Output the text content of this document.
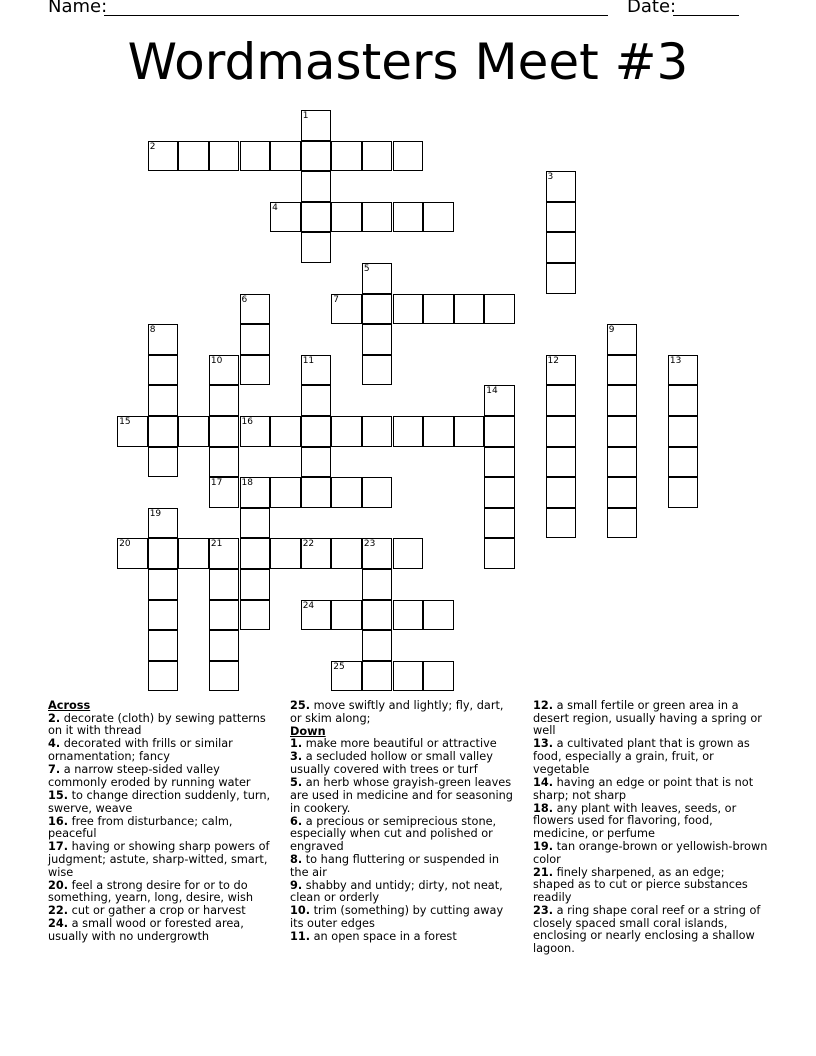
Name:	Date:
Wordmasters Meet #3
1
2
3
4
5
6	7
8	9
10
17
11	12	13
14
15	16
18
19
20	21	22	23
24
25
Across
2. decorate (cloth) by sewing patterns on it with thread
4. decorated with frills or similar ornamentation; fancy
7. a narrow steep-sided valley commonly eroded by running water
15. to change direction suddenly, turn, swerve, weave
16. free from disturbance; calm, peaceful
17. having or showing sharp powers of judgment; astute, sharp-witted, smart, wise
20. feel a strong desire for or to do something, yearn, long, desire, wish
22. cut or gather a crop or harvest
24. a small wood or forested area, usually with no undergrowth
25. move swiftly and lightly; fly, dart, or skim along;
Down
1. make more beautiful or attractive
3. a secluded hollow or small valley usually covered with trees or turf
5. an herb whose grayish-green leaves are used in medicine and for seasoning in cookery.
6. a precious or semiprecious stone, especially when cut and polished or engraved
8. to hang fluttering or suspended in the air
9. shabby and untidy; dirty, not neat, clean or orderly
10. trim (something) by cutting away its outer edges
11. an open space in a forest
12. a small fertile or green area in a desert region, usually having a spring or well
13. a cultivated plant that is grown as food, especially a grain, fruit, or vegetable
14. having an edge or point that is not sharp; not sharp
18. any plant with leaves, seeds, or flowers used for flavoring, food, medicine, or perfume
19. tan orange-brown or yellowish-brown color
21. finely sharpened, as an edge; shaped as to cut or pierce substances readily
23. a ring shape coral reef or a string of closely spaced small coral islands, enclosing or nearly enclosing a shallow lagoon.
